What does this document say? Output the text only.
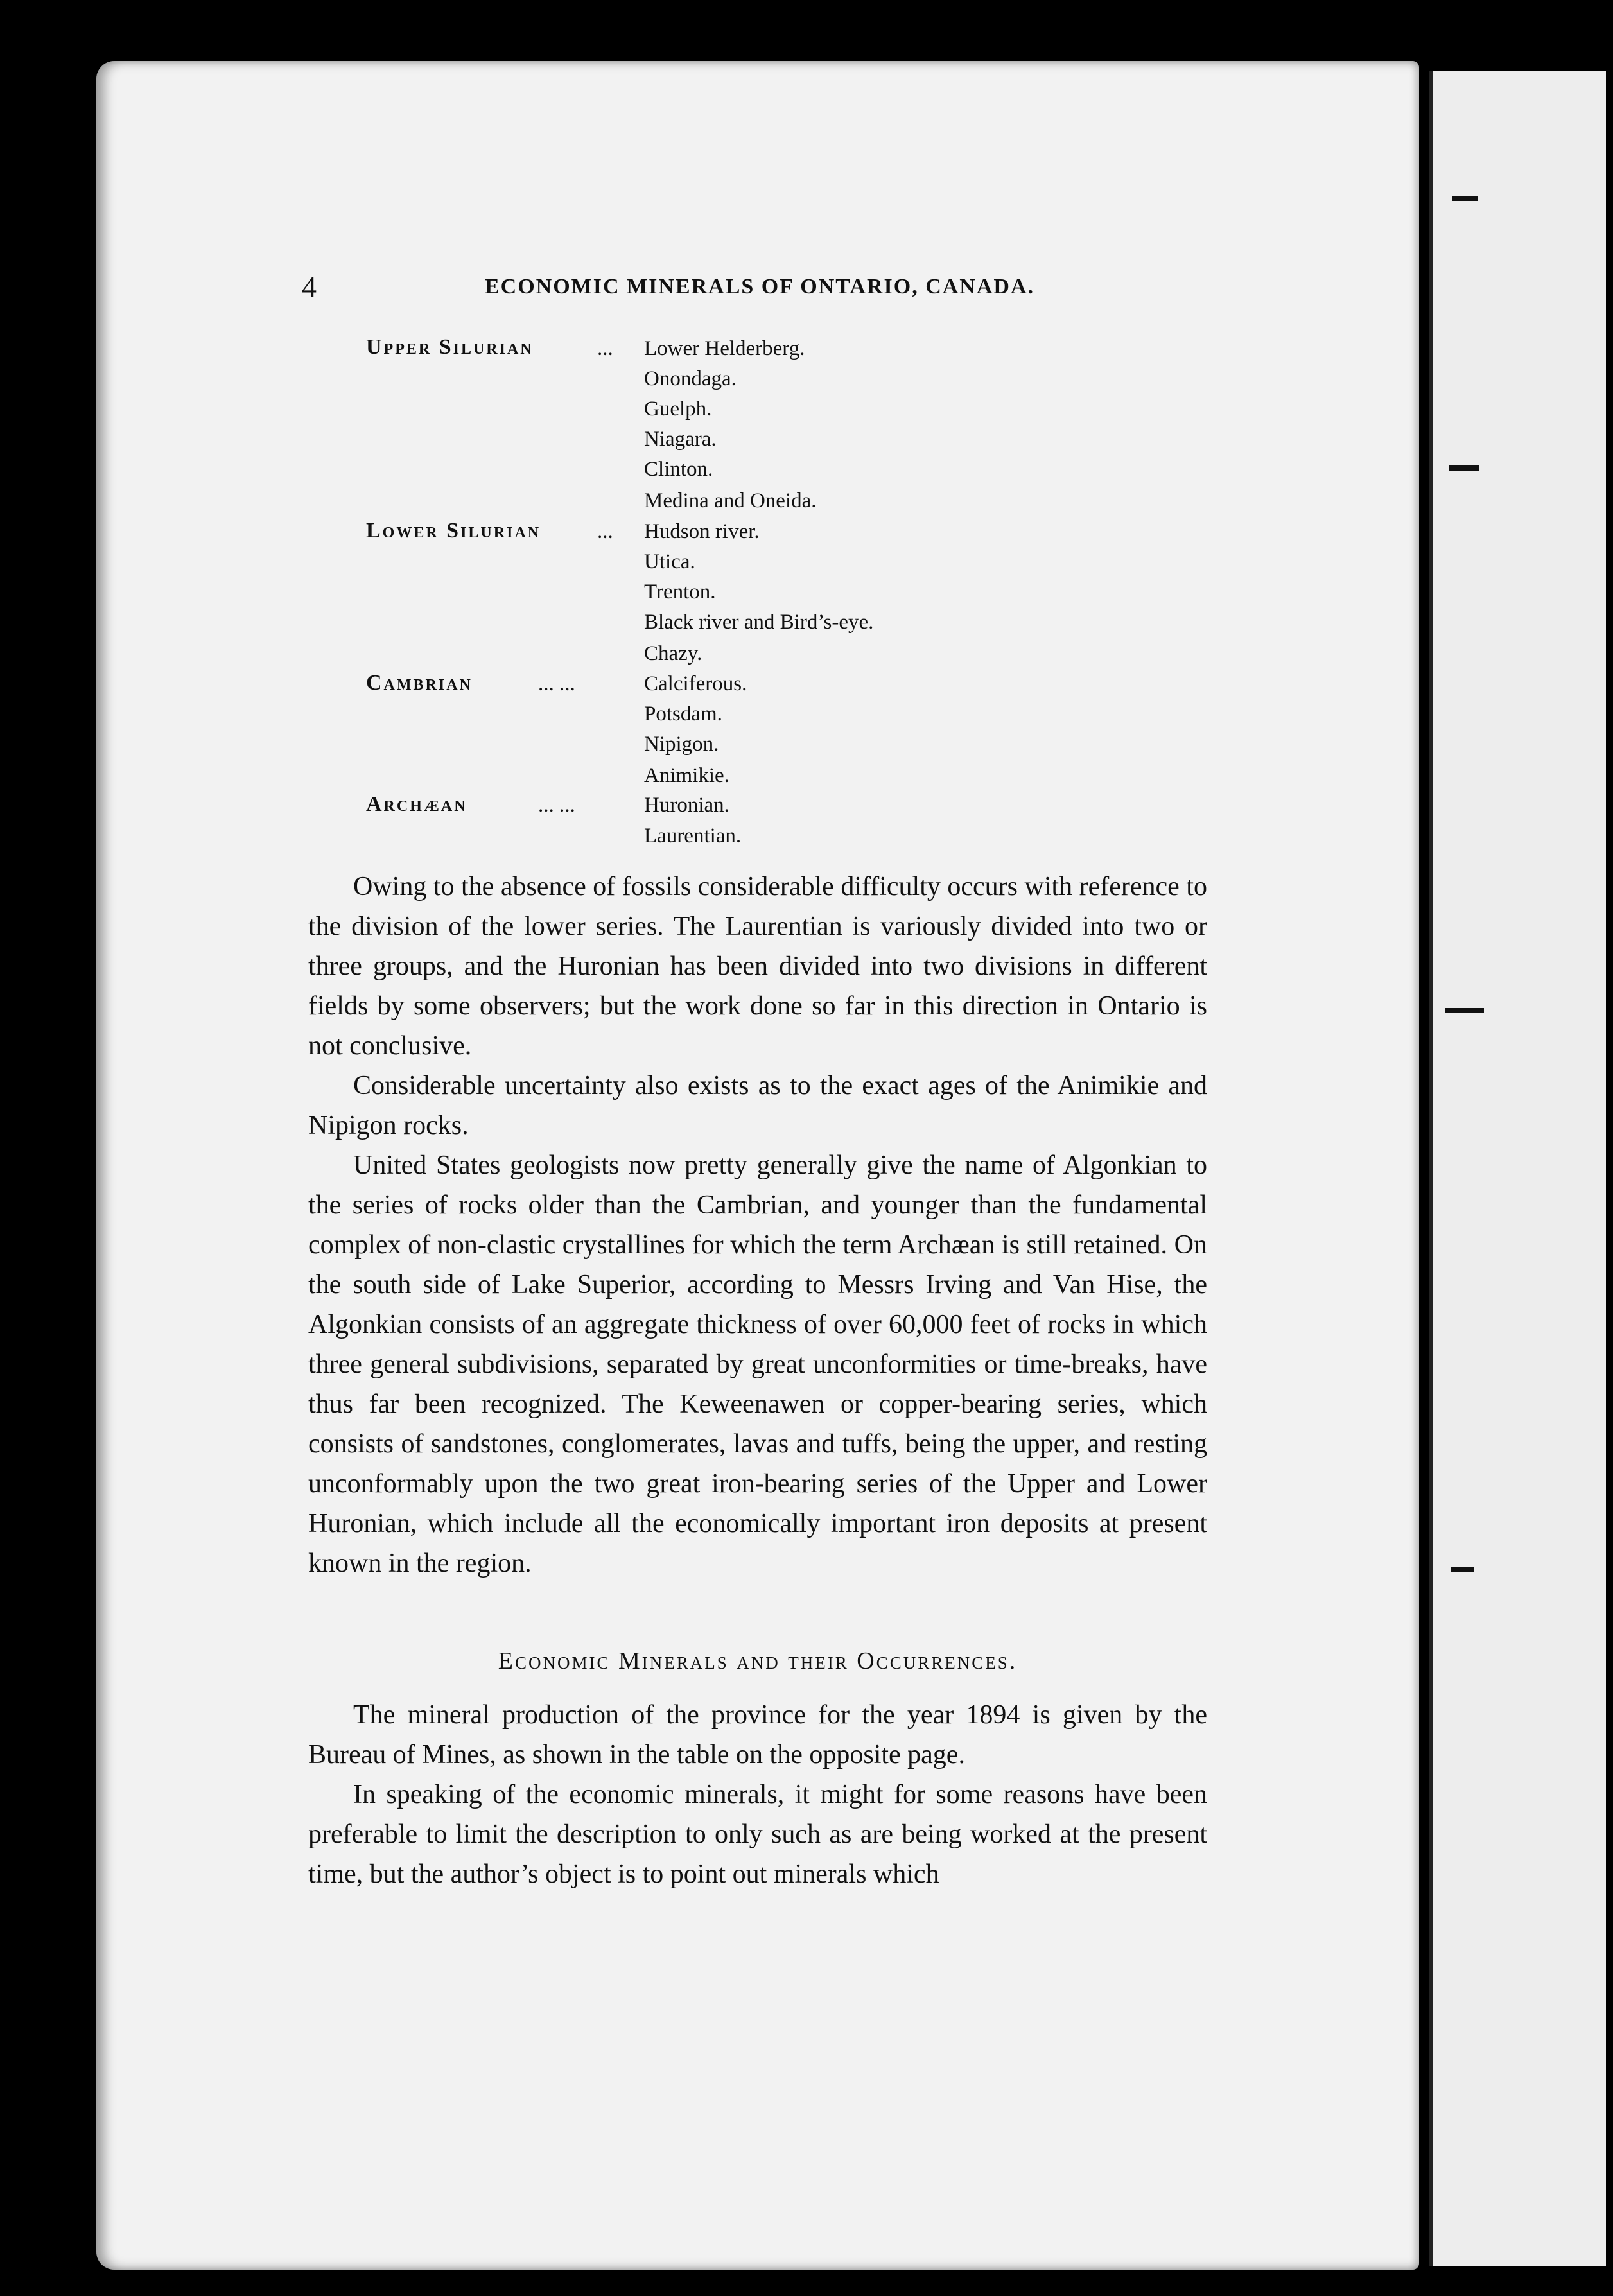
4	ECONOMIC MINERALS OF ONTARIO, CANADA.
Upper Silurian	... Lower Helderberg.
Onondaga.
Guelph.
Niagara.
Clinton.
Medina and Oneida.
Lower Silurian	... Hudson river.
Utica.
Trenton.
Black river and Bird’s-eye.
Chazy.
Cambrian	... ...	Calciferous.
Potsdam.
Nipigon.
Animikie.
Archæan	... ...	Huronian.
Laurentian.

Owing to the absence of fossils considerable difficulty occurs with reference to the division of the lower series. The Laurentian is variously divided into two or three groups, and the Huronian has been divided into two divisions in different fields by some observers; but the work done so far in this direction in Ontario is not conclusive.

Considerable uncertainty also exists as to the exact ages of the Animikie and Nipigon rocks.

United States geologists now pretty generally give the name of Algonkian to the series of rocks older than the Cambrian, and younger than the fundamental complex of non-clastic crystallines for which the term Archæan is still retained. On the south side of Lake Superior, according to Messrs Irving and Van Hise, the Algonkian consists of an aggregate thickness of over 60,000 feet of rocks in which three general subdivisions, separated by great unconformities or time-breaks, have thus far been recognized. The Keweenawen or copper-bearing series, which consists of sandstones, conglomerates, lavas and tuffs, being the upper, and resting unconformably upon the two great iron-bearing series of the Upper and Lower Huronian, which include all the economically important iron deposits at present known in the region.

Economic Minerals and their Occurrences.

The mineral production of the province for the year 1894 is given by the Bureau of Mines, as shown in the table on the opposite page.

In speaking of the economic minerals, it might for some reasons have been preferable to limit the description to only such as are being worked at the present time, but the author’s object is to point out minerals which
